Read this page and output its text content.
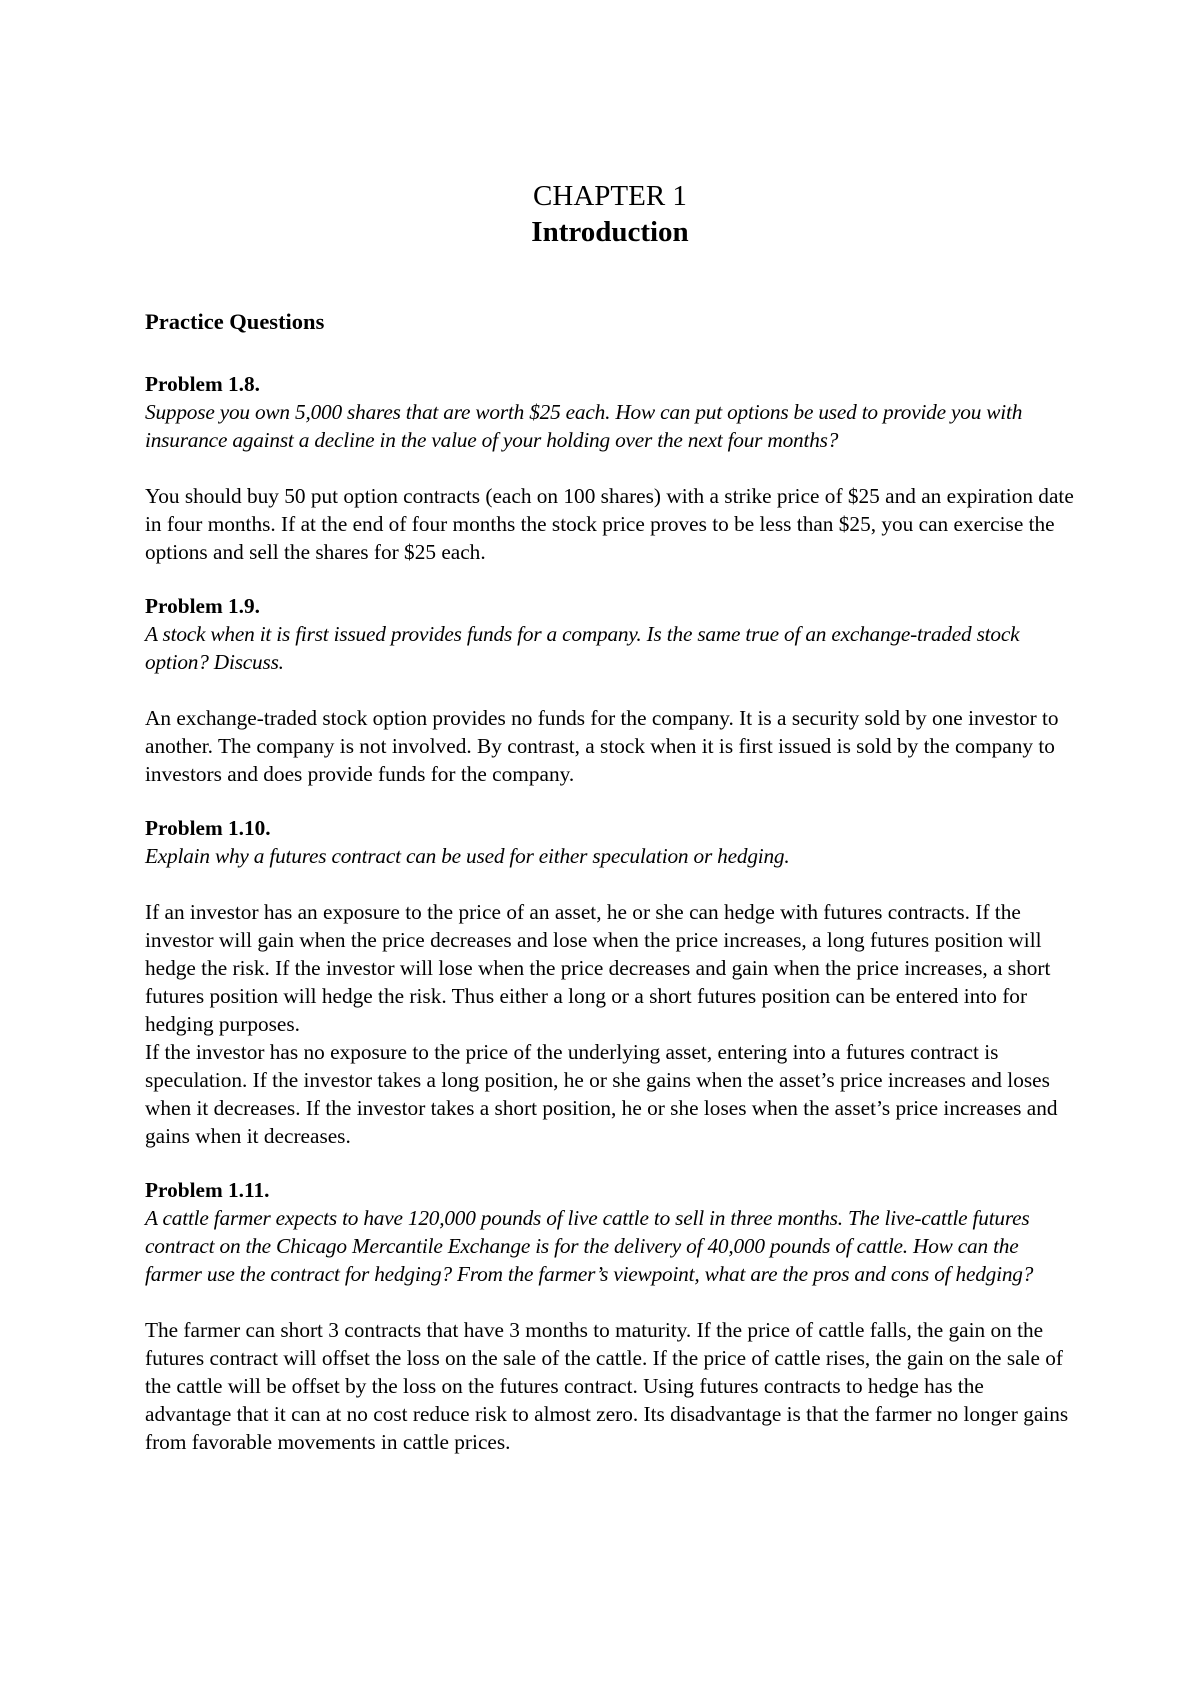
CHAPTER 1
Introduction
Practice Questions
Problem 1.8.
Suppose you own 5,000 shares that are worth $25 each. How can put options be used to provide you with insurance against a decline in the value of your holding over the next four months?

You should buy 50 put option contracts (each on 100 shares) with a strike price of $25 and an expiration date in four months. If at the end of four months the stock price proves to be less than $25, you can exercise the options and sell the shares for $25 each.

Problem 1.9.
A stock when it is first issued provides funds for a company. Is the same true of an exchange-traded stock option? Discuss.

An exchange-traded stock option provides no funds for the company. It is a security sold by one investor to another. The company is not involved. By contrast, a stock when it is first issued is sold by the company to investors and does provide funds for the company.

Problem 1.10.
Explain why a futures contract can be used for either speculation or hedging.

If an investor has an exposure to the price of an asset, he or she can hedge with futures contracts. If the investor will gain when the price decreases and lose when the price increases, a long futures position will hedge the risk. If the investor will lose when the price decreases and gain when the price increases, a short futures position will hedge the risk. Thus either a long or a short futures position can be entered into for hedging purposes.

If the investor has no exposure to the price of the underlying asset, entering into a futures contract is speculation. If the investor takes a long position, he or she gains when the asset’s price increases and loses when it decreases. If the investor takes a short position, he or she loses when the asset’s price increases and gains when it decreases.

Problem 1.11.
A cattle farmer expects to have 120,000 pounds of live cattle to sell in three months. The live-cattle futures contract on the Chicago Mercantile Exchange is for the delivery of 40,000 pounds of cattle. How can the farmer use the contract for hedging? From the farmer’s viewpoint, what are the pros and cons of hedging?

The farmer can short 3 contracts that have 3 months to maturity. If the price of cattle falls, the gain on the futures contract will offset the loss on the sale of the cattle. If the price of cattle rises, the gain on the sale of the cattle will be offset by the loss on the futures contract. Using futures contracts to hedge has the advantage that it can at no cost reduce risk to almost zero. Its disadvantage is that the farmer no longer gains from favorable movements in cattle prices.
